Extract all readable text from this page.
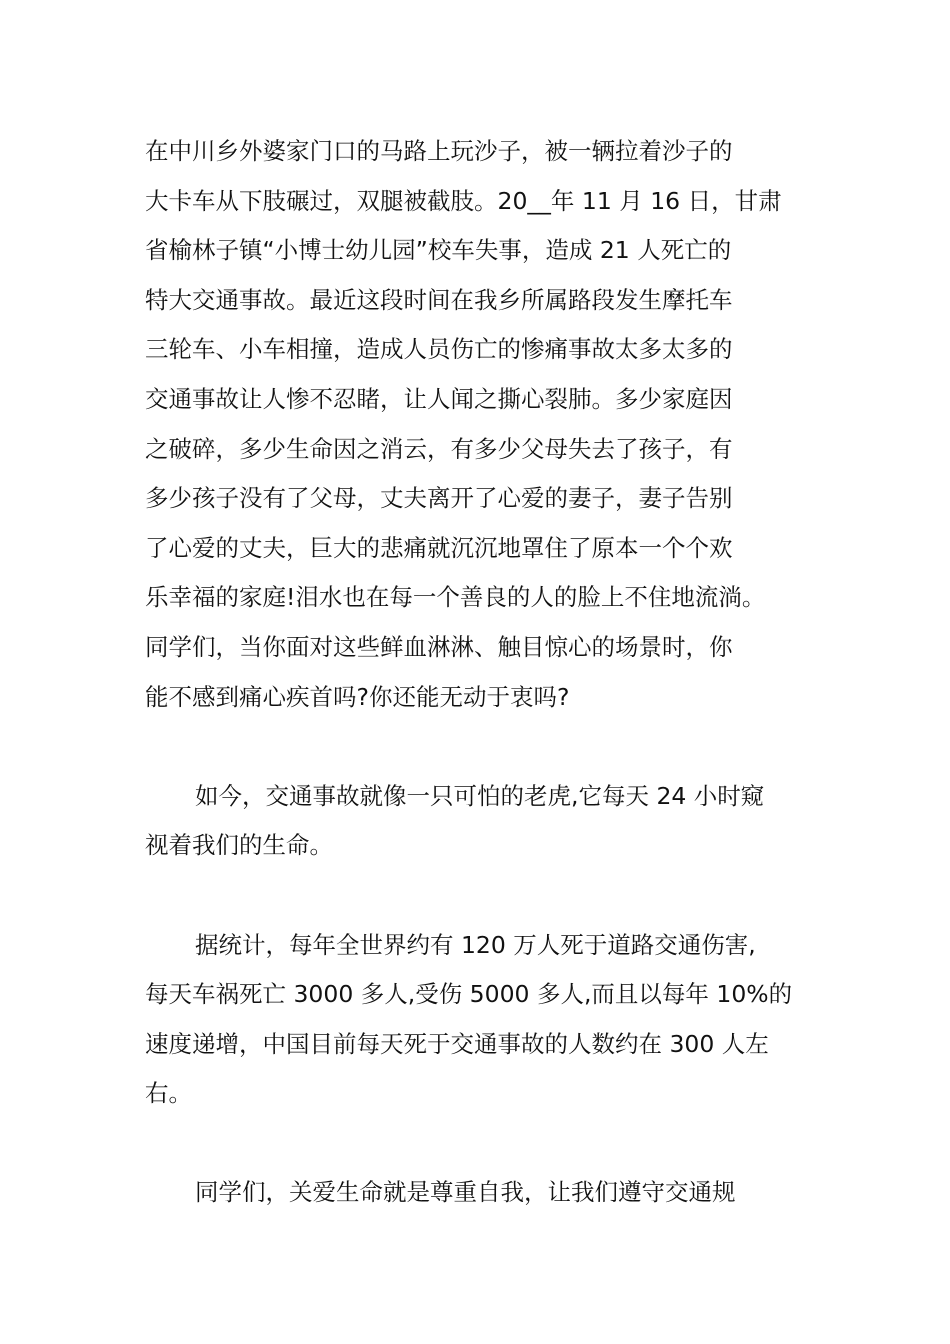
在中川乡外婆家门口的马路上玩沙子，被一辆拉着沙子的
大卡车从下肢碾过，双腿被截肢。20__年 11 月 16 日，甘肃
省榆林子镇“小博士幼儿园”校车失事，造成 21 人死亡的
特大交通事故。最近这段时间在我乡所属路段发生摩托车
三轮车、小车相撞，造成人员伤亡的惨痛事故太多太多的
交通事故让人惨不忍睹，让人闻之撕心裂肺。多少家庭因
之破碎，多少生命因之消云，有多少父母失去了孩子，有
多少孩子没有了父母，丈夫离开了心爱的妻子，妻子告别
了心爱的丈夫，巨大的悲痛就沉沉地罩住了原本一个个欢
乐幸福的家庭!泪水也在每一个善良的人的脸上不住地流淌。
同学们，当你面对这些鲜血淋淋、触目惊心的场景时，你
能不感到痛心疾首吗?你还能无动于衷吗?
如今，交通事故就像一只可怕的老虎,它每天 24 小时窥
视着我们的生命。
据统计，每年全世界约有 120 万人死于道路交通伤害,
每天车祸死亡 3000 多人,受伤 5000 多人,而且以每年 10%的
速度递增，中国目前每天死于交通事故的人数约在 300 人左
右。
同学们，关爱生命就是尊重自我，让我们遵守交通规
